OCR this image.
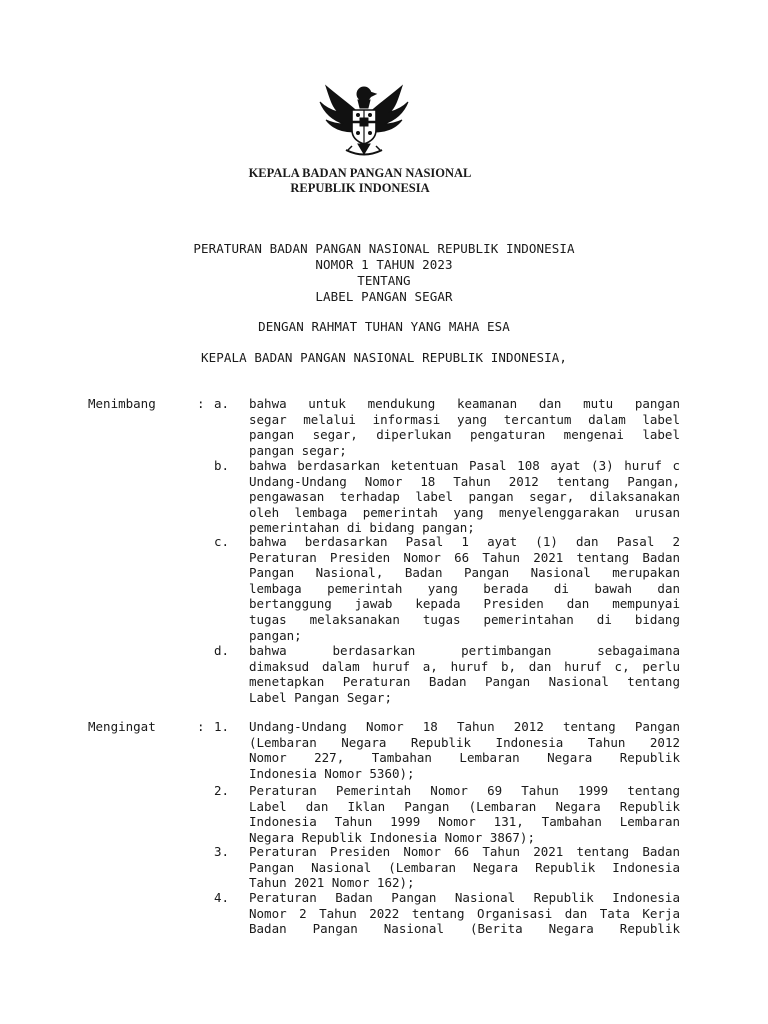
KEPALA BADAN PANGAN NASIONAL
REPUBLIK INDONESIA
PERATURAN BADAN PANGAN NASIONAL REPUBLIK INDONESIA
NOMOR 1 TAHUN 2023
TENTANG
LABEL PANGAN SEGAR
DENGAN RAHMAT TUHAN YANG MAHA ESA
KEPALA BADAN PANGAN NASIONAL REPUBLIK INDONESIA,
Menimbang	: a. bahwa untuk mendukung keamanan dan mutu pangan
segar melalui informasi yang tercantum dalam label
pangan segar, diperlukan pengaturan mengenai label
pangan segar;
b. bahwa berdasarkan ketentuan Pasal 108 ayat (3) huruf c
Undang-Undang Nomor 18 Tahun 2012 tentang Pangan,
pengawasan terhadap label pangan segar, dilaksanakan
oleh lembaga pemerintah yang menyelenggarakan urusan
pemerintahan di bidang pangan;
c. bahwa berdasarkan Pasal 1 ayat (1) dan Pasal 2
Peraturan Presiden Nomor 66 Tahun 2021 tentang Badan
Pangan Nasional, Badan Pangan Nasional merupakan
lembaga pemerintah yang berada di bawah dan
bertanggung jawab kepada Presiden dan mempunyai
tugas melaksanakan tugas pemerintahan di bidang
pangan;
d. bahwa berdasarkan pertimbangan sebagaimana
dimaksud dalam huruf a, huruf b, dan huruf c, perlu
menetapkan Peraturan Badan Pangan Nasional tentang
Label Pangan Segar;
Mengingat	: 1. Undang-Undang Nomor 18 Tahun 2012 tentang Pangan
(Lembaran Negara Republik Indonesia Tahun 2012
Nomor 227, Tambahan Lembaran Negara Republik
Indonesia Nomor 5360);
2. Peraturan Pemerintah Nomor 69 Tahun 1999 tentang
Label dan Iklan Pangan (Lembaran Negara Republik
Indonesia Tahun 1999 Nomor 131, Tambahan Lembaran
Negara Republik Indonesia Nomor 3867);
3. Peraturan Presiden Nomor 66 Tahun 2021 tentang Badan
Pangan Nasional (Lembaran Negara Republik Indonesia
Tahun 2021 Nomor 162);
4. Peraturan Badan Pangan Nasional Republik Indonesia
Nomor 2 Tahun 2022 tentang Organisasi dan Tata Kerja
Badan Pangan Nasional (Berita Negara Republik
